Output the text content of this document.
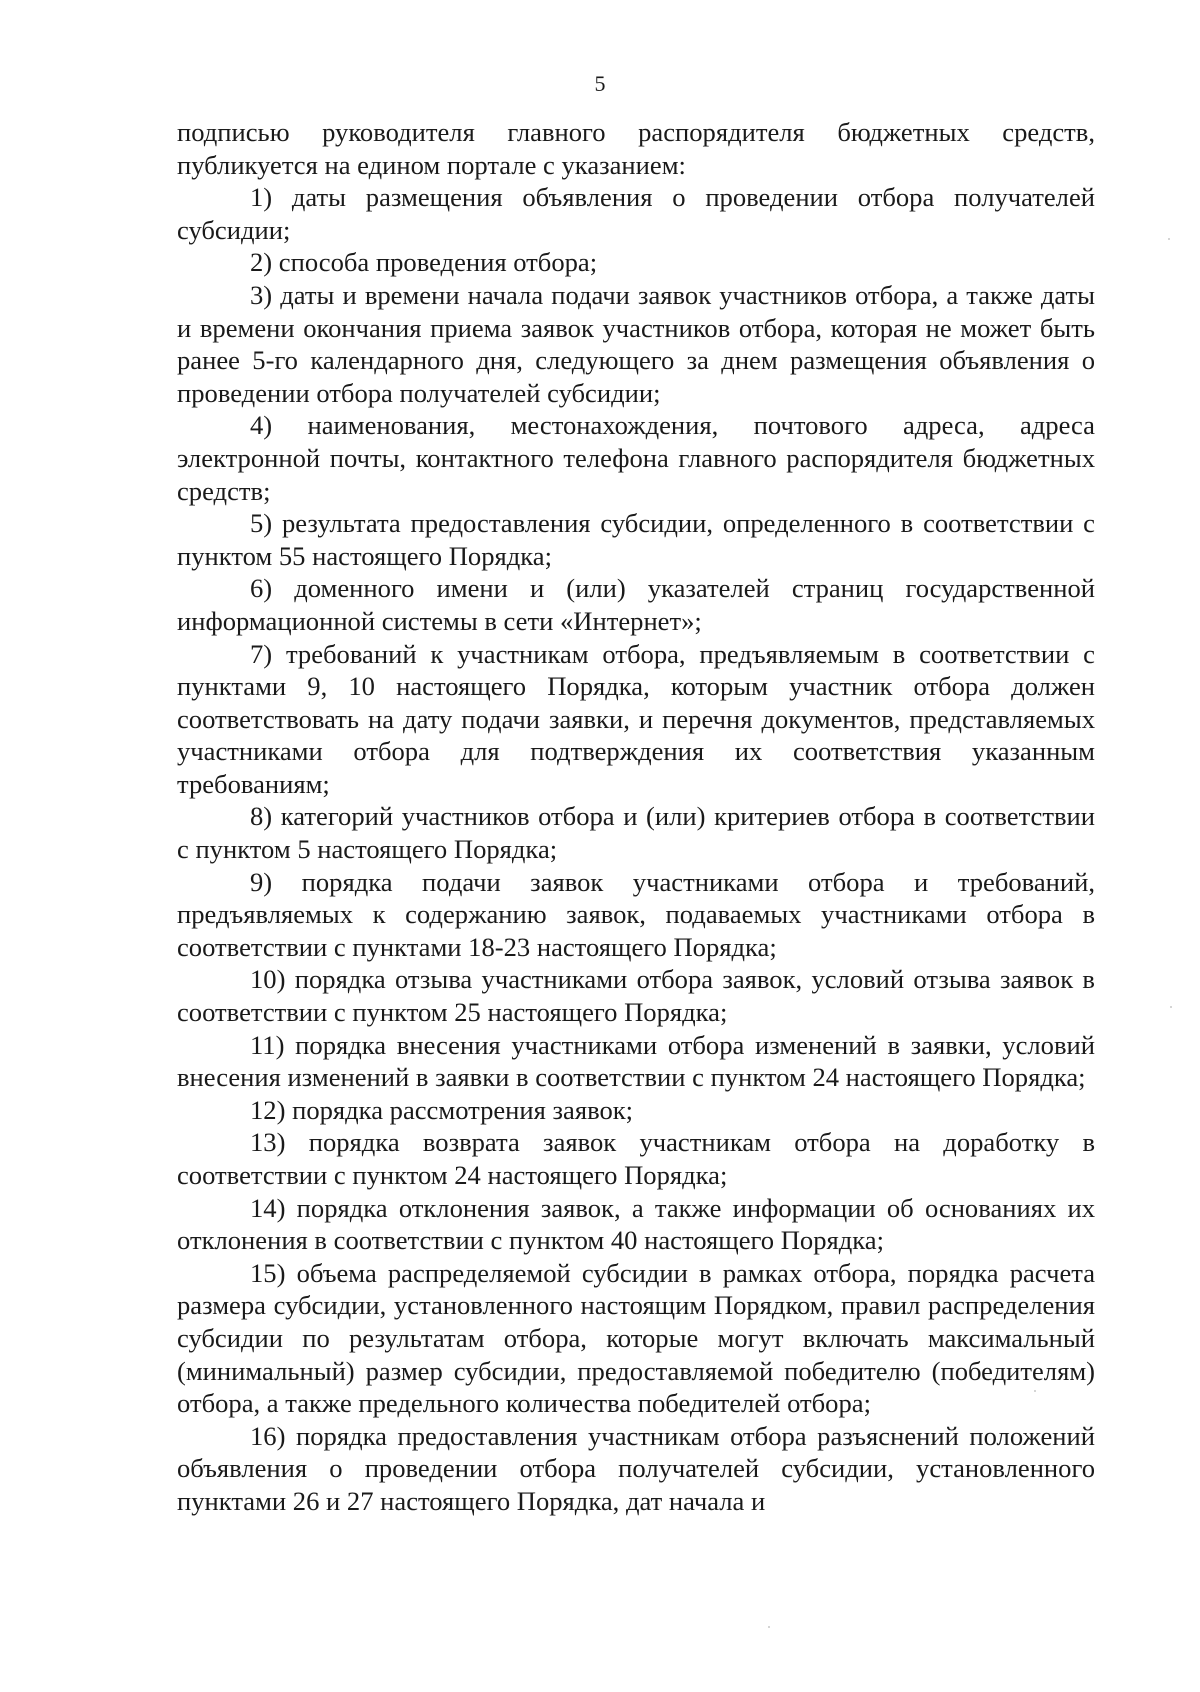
5

подписью руководителя главного распорядителя бюджетных средств, публикуется на едином портале с указанием:

1) даты размещения объявления о проведении отбора получателей субсидии;

2) способа проведения отбора;

3) даты и времени начала подачи заявок участников отбора, а также даты и времени окончания приема заявок участников отбора, которая не может быть ранее 5-го календарного дня, следующего за днем размещения объявления о проведении отбора получателей субсидии;

4) наименования, местонахождения, почтового адреса, адреса электронной почты, контактного телефона главного распорядителя бюджетных средств;

5) результата предоставления субсидии, определенного в соответствии с пунктом 55 настоящего Порядка;

6) доменного имени и (или) указателей страниц государственной информационной системы в сети «Интернет»;

7) требований к участникам отбора, предъявляемым в соответствии с пунктами 9, 10 настоящего Порядка, которым участник отбора должен соответствовать на дату подачи заявки, и перечня документов, представляемых участниками отбора для подтверждения их соответствия указанным требованиям;

8) категорий участников отбора и (или) критериев отбора в соответствии с пунктом 5 настоящего Порядка;

9) порядка подачи заявок участниками отбора и требований, предъявляемых к содержанию заявок, подаваемых участниками отбора в соответствии с пунктами 18-23 настоящего Порядка;

10) порядка отзыва участниками отбора заявок, условий отзыва заявок в соответствии с пунктом 25 настоящего Порядка;

11) порядка внесения участниками отбора изменений в заявки, условий внесения изменений в заявки в соответствии с пунктом 24 настоящего Порядка;

12) порядка рассмотрения заявок;

13) порядка возврата заявок участникам отбора на доработку в соответствии с пунктом 24 настоящего Порядка;

14) порядка отклонения заявок, а также информации об основаниях их отклонения в соответствии с пунктом 40 настоящего Порядка;

15) объема распределяемой субсидии в рамках отбора, порядка расчета размера субсидии, установленного настоящим Порядком, правил распределения субсидии по результатам отбора, которые могут включать максимальный (минимальный) размер субсидии, предоставляемой победителю (победителям) отбора, а также предельного количества победителей отбора;

16) порядка предоставления участникам отбора разъяснений положений объявления о проведении отбора получателей субсидии, установленного пунктами 26 и 27 настоящего Порядка, дат начала и
